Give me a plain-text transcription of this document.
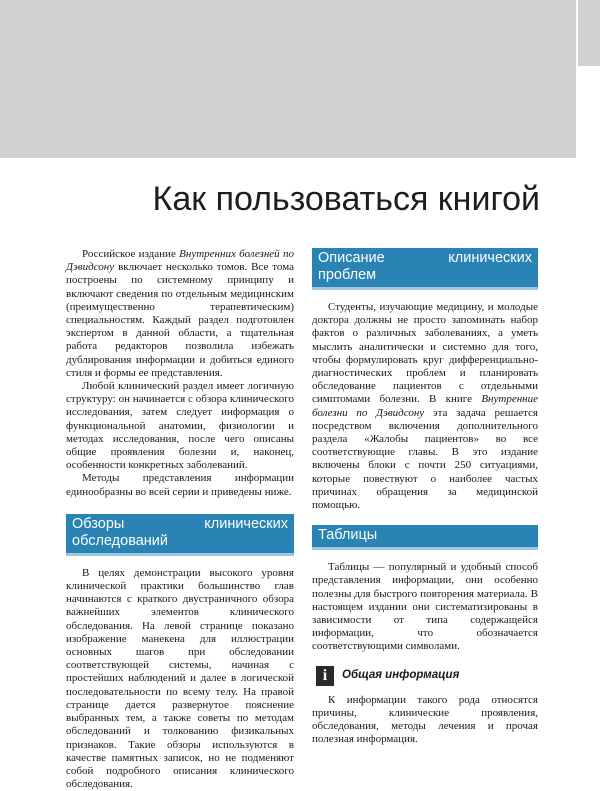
Как пользоваться книгой

Российское издание Внутренних болезней по Дэвидсону включает несколько томов. Все тома построены по системному принципу и включают сведения по отдельным медицинским (преимущественно терапевтическим) специальностям. Каждый раздел подготовлен экспертом в данной области, а тщательная работа редакторов позволила избежать дублирования информации и добиться единого стиля и формы ее представления.

Любой клинический раздел имеет логичную структуру: он начинается с обзора клинического исследования, затем следует информация о функциональной анатомии, физиологии и методах исследования, после чего описаны общие проявления болезни и, наконец, особенности конкретных заболеваний.

Методы представления информации единообразны во всей серии и приведены ниже.

Обзоры клинических обследований

В целях демонстрации высокого уровня клинической практики большинство глав начинаются с краткого двустраничного обзора важнейших элементов клинического обследования. На левой странице показано изображение манекена для иллюстрации основных шагов при обследовании соответствующей системы, начиная с простейших наблюдений и далее в логической последовательности по всему телу. На правой странице дается развернутое пояснение выбранных тем, а также советы по методам обследований и толкованию физикальных признаков. Такие обзоры используются в качестве памятных записок, но не подменяют собой подробного описания клинического обследования.

Описание клинических проблем

Студенты, изучающие медицину, и молодые доктора должны не просто запоминать набор фактов о различных заболеваниях, а уметь мыслить аналитически и системно для того, чтобы формулировать круг дифференциально-диагностических проблем и планировать обследование пациентов с отдельными симптомами болезни. В книге Внутренние болезни по Дэвидсону эта задача решается посредством включения дополнительного раздела «Жалобы пациентов» во все соответствующие главы. В это издание включены блоки с почти 250 ситуациями, которые повествуют о наиболее частых причинах обращения за медицинской помощью.

Таблицы

Таблицы — популярный и удобный способ представления информации, они особенно полезны для быстрого повторения материала. В настоящем издании они систематизированы в зависимости от типа содержащейся информации, что обозначается соответствующими символами.

i	Общая информация

К информации такого рода относятся причины, клинические проявления, обследования, методы лечения и прочая полезная информация.
